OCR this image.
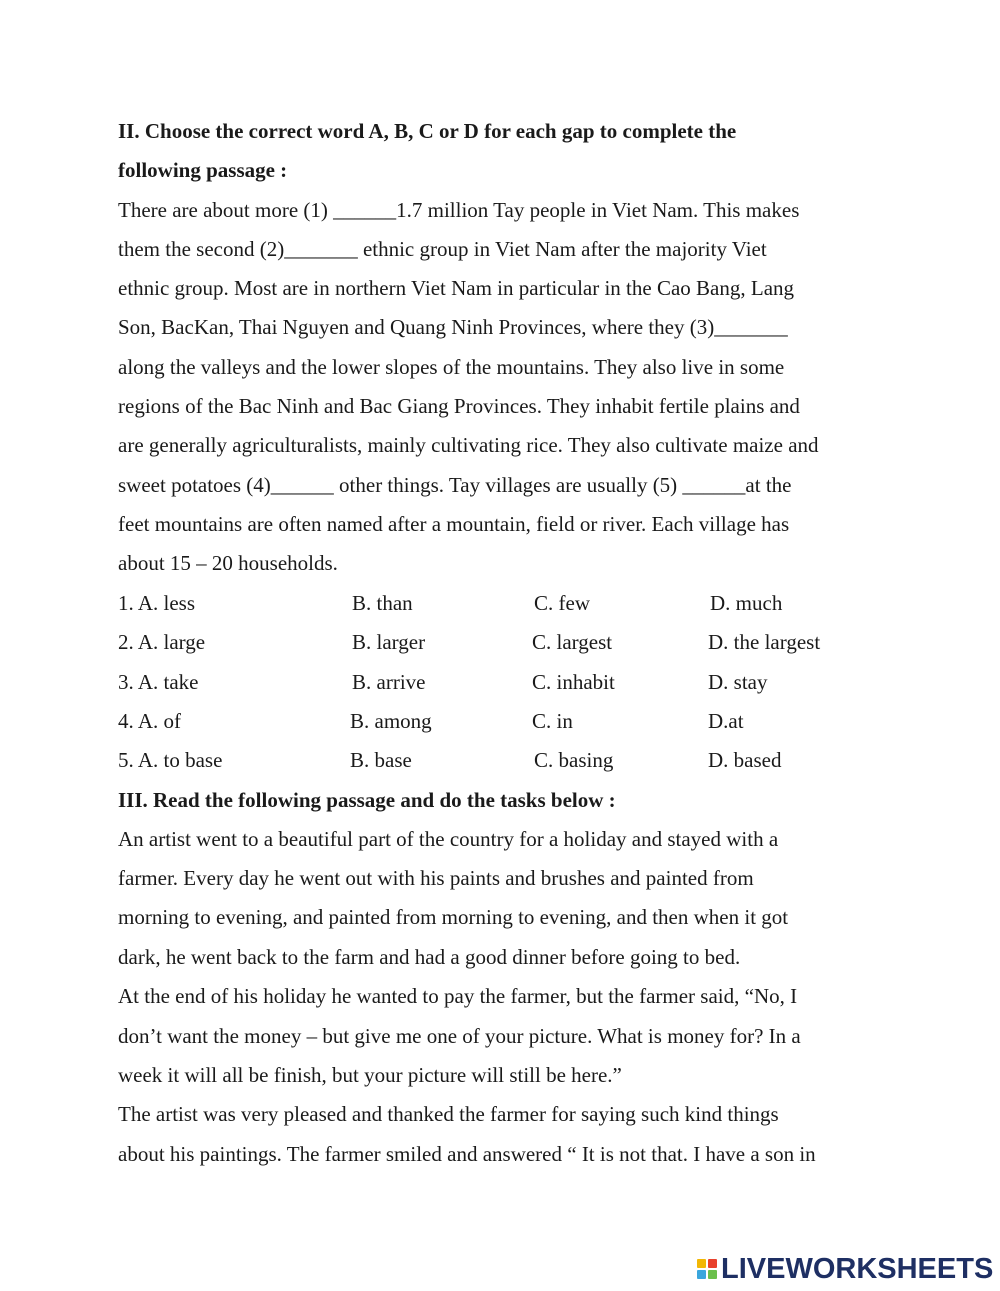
II. Choose the correct word A, B, C or D for each gap to complete the
following passage :
There are about more (1) ______1.7 million Tay people in Viet Nam. This makes
them the second (2)_______ ethnic group in Viet Nam after the majority Viet
ethnic group. Most are in northern Viet Nam in particular in the Cao Bang, Lang
Son, BacKan, Thai Nguyen and Quang Ninh Provinces, where they (3)_______
along the valleys and the lower slopes of the mountains. They also live in some
regions of the Bac Ninh and Bac Giang Provinces. They inhabit fertile plains and
are generally agriculturalists, mainly cultivating rice. They also cultivate maize and
sweet potatoes (4)______ other things. Tay villages are usually (5) ______at the
feet mountains are often named after a mountain, field or river. Each village has
about 15 – 20 households.
1. A. less	B. than	C. few	D. much
2. A. large	B. larger	C. largest	D. the largest
3. A. take	B. arrive	C. inhabit	D. stay
4. A. of	B. among	C. in	D.at
5. A. to base	B. base	C. basing	D. based
III. Read the following passage and do the tasks below :
An artist went to a beautiful part of the country for a holiday and stayed with a
farmer. Every day he went out with his paints and brushes and painted from
morning to evening, and painted from morning to evening, and then when it got
dark, he went back to the farm and had a good dinner before going to bed.
At the end of his holiday he wanted to pay the farmer, but the farmer said, “No, I
don’t want the money – but give me one of your picture. What is money for? In a
week it will all be finish, but your picture will still be here.”
The artist was very pleased and thanked the farmer for saying such kind things
about his paintings. The farmer smiled and answered “ It is not that. I have a son in
LIVEWORKSHEETS
